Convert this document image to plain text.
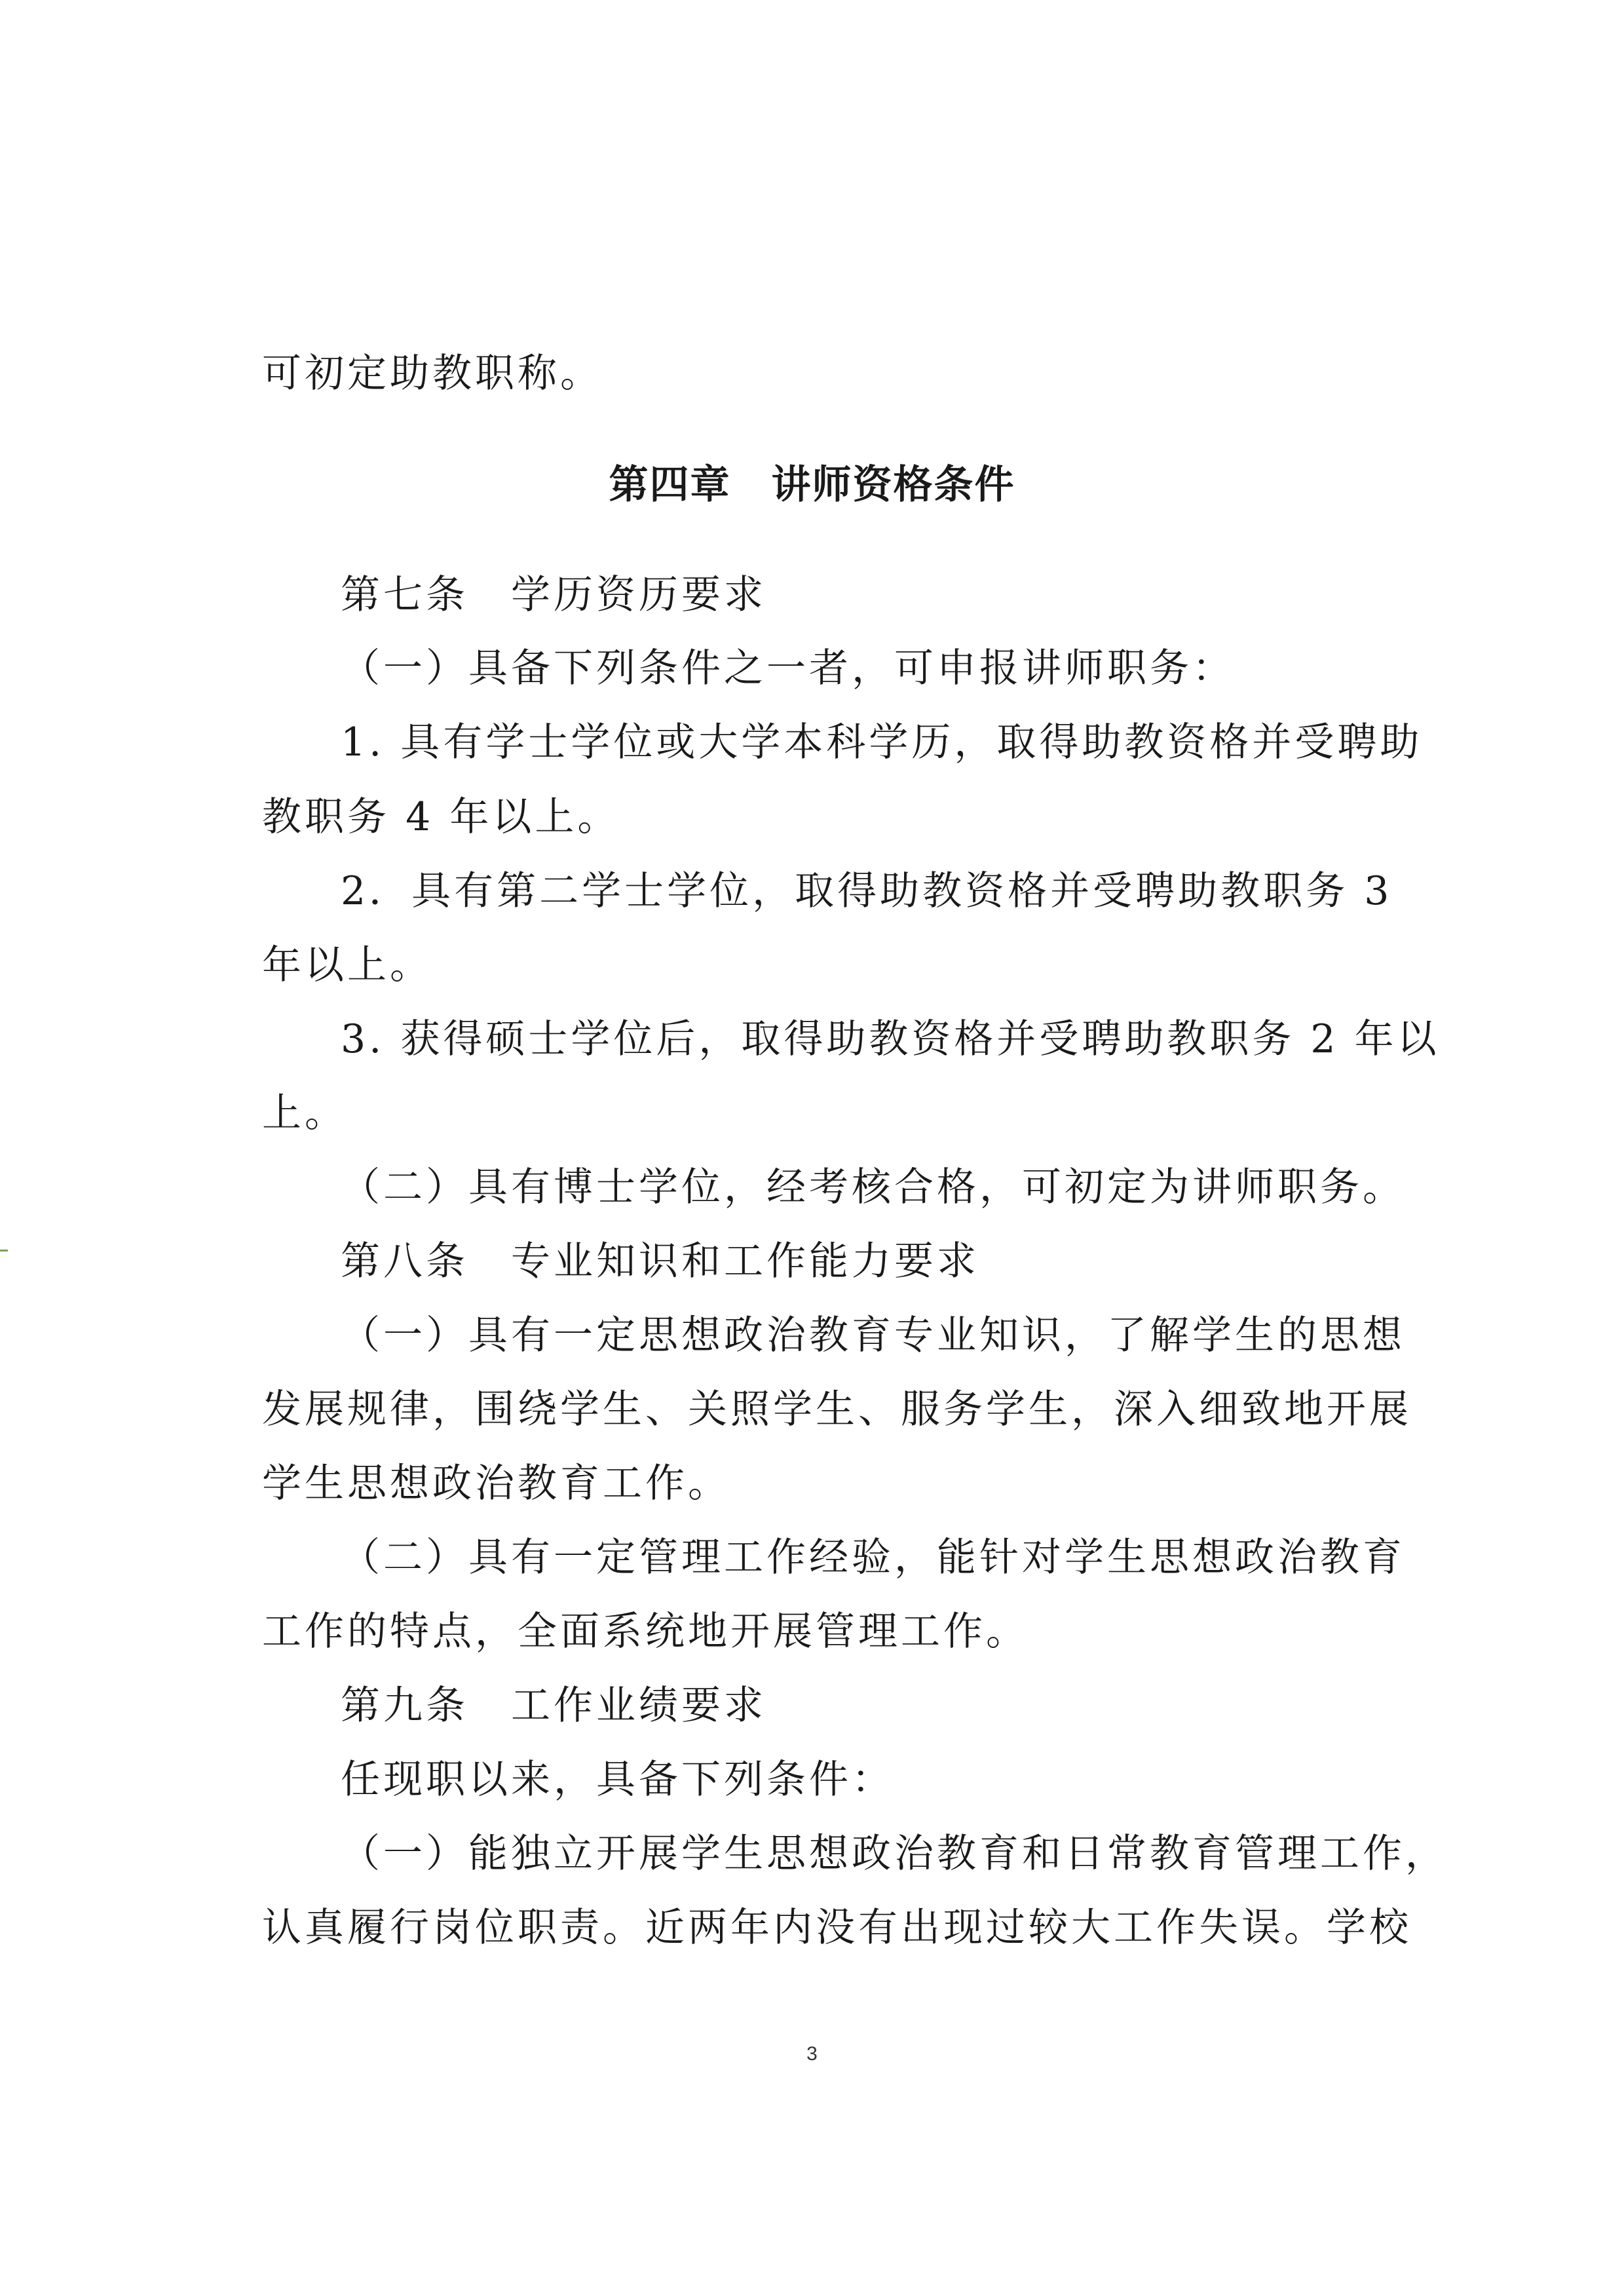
可初定助教职称。
第四章　讲师资格条件
第七条　学历资历要求
（一）具备下列条件之一者，可申报讲师职务：
1. 具有学士学位或大学本科学历，取得助教资格并受聘助
教职务 4 年以上。
2．具有第二学士学位，取得助教资格并受聘助教职务 3
年以上。
3. 获得硕士学位后，取得助教资格并受聘助教职务 2 年以
上。
（二）具有博士学位，经考核合格，可初定为讲师职务。
第八条　专业知识和工作能力要求
（一）具有一定思想政治教育专业知识，了解学生的思想
发展规律，围绕学生、关照学生、服务学生，深入细致地开展
学生思想政治教育工作。
（二）具有一定管理工作经验，能针对学生思想政治教育
工作的特点，全面系统地开展管理工作。
第九条　工作业绩要求
任现职以来，具备下列条件：
（一）能独立开展学生思想政治教育和日常教育管理工作，
认真履行岗位职责。近两年内没有出现过较大工作失误。学校
3
